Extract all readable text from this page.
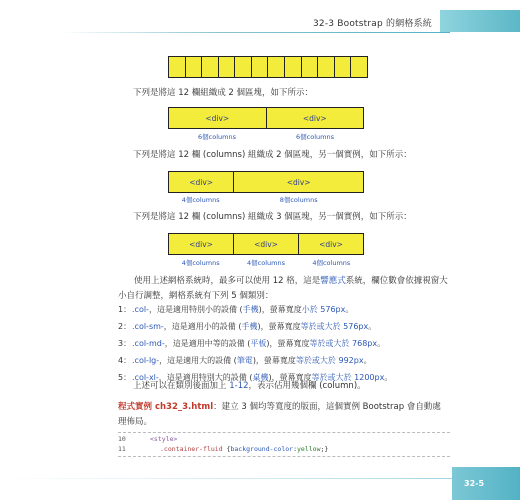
32-3 Bootstrap 的網格系統
下列是將這 12 欄組織成 2 個區塊，如下所示：
<div>	<div>
6個columns	6個columns
下列是將這 12 欄 (columns) 組織成 2 個區塊，另一個實例，如下所示：
<div>	<div>
4個columns	8個columns
下列是將這 12 欄 (columns) 組織成 3 個區塊，另一個實例，如下所示：
<div>	<div>	<div>
4個columns	4個columns	4個columns
使用上述網格系統時，最多可以使用 12 格，這是響應式系統，欄位數會依據視窗大小自行調整，網格系統有下列 5 個類別：
1： .col- ，這是適用特別小的設備 ( 手機 )，螢幕寬度 小於 576px 。
2： .col-sm- ，這是適用小的設備 ( 手機 )，螢幕寬度 等於或大於 576px 。
3： .col-md- ，這是適用中等的設備 ( 平板 )，螢幕寬度 等於或大於 768px 。
4： .col-lg- ，這是適用大的設備 ( 筆電 )，螢幕寬度 等於或大於 992px 。
5： .col-xl- ，這是適用特別大的設備 ( 桌機 )，螢幕寬度 等於或大於 1200px 。
上述可以在類別後面加上 1-12，表示佔用幾個欄 (column)。
程式實例 ch32_3.html：建立 3 個均等寬度的版面，這個實例 Bootstrap 會自動處理佈局。
10	<style>
11	.container-fluid {background-color:yellow;}
32-5
